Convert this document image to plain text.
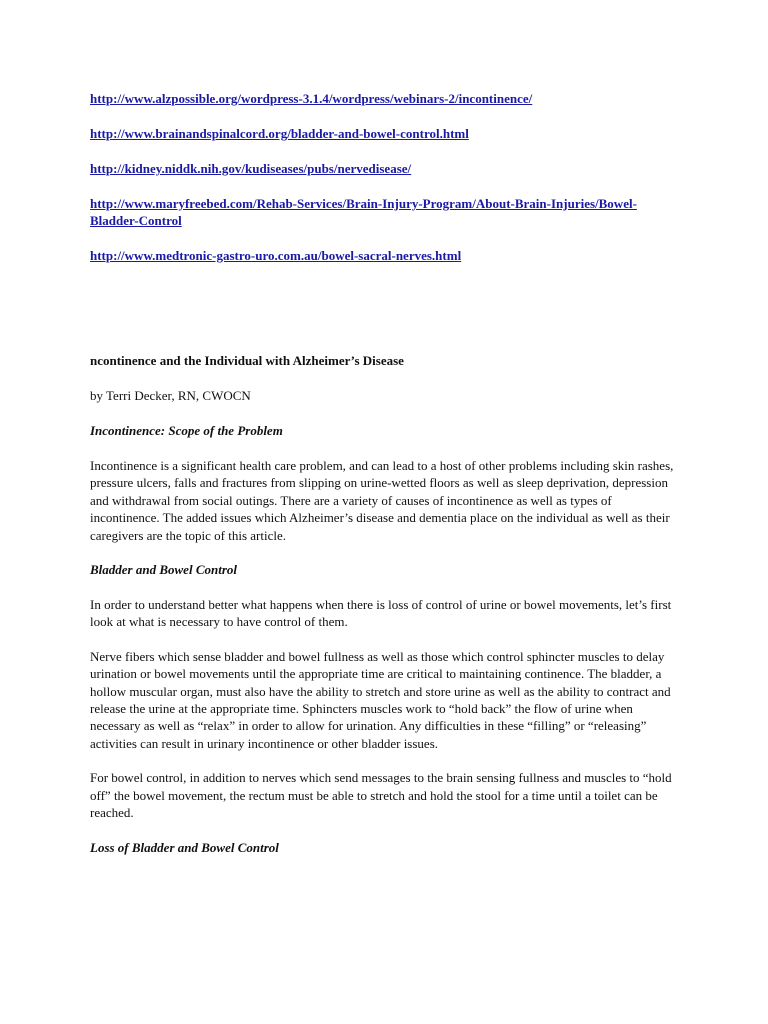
http://www.alzpossible.org/wordpress-3.1.4/wordpress/webinars-2/incontinence/
http://www.brainandspinalcord.org/bladder-and-bowel-control.html
http://kidney.niddk.nih.gov/kudiseases/pubs/nervedisease/
http://www.maryfreebed.com/Rehab-Services/Brain-Injury-Program/About-Brain-Injuries/Bowel-Bladder-Control
http://www.medtronic-gastro-uro.com.au/bowel-sacral-nerves.html
ncontinence and the Individual with Alzheimer’s Disease
by Terri Decker, RN, CWOCN
Incontinence: Scope of the Problem

Incontinence is a significant health care problem, and can lead to a host of other problems including skin rashes, pressure ulcers, falls and fractures from slipping on urine-wetted floors as well as sleep deprivation, depression and withdrawal from social outings. There are a variety of causes of incontinence as well as types of incontinence. The added issues which Alzheimer’s disease and dementia place on the individual as well as their caregivers are the topic of this article.

Bladder and Bowel Control

In order to understand better what happens when there is loss of control of urine or bowel movements, let’s first look at what is necessary to have control of them.

Nerve fibers which sense bladder and bowel fullness as well as those which control sphincter muscles to delay urination or bowel movements until the appropriate time are critical to maintaining continence. The bladder, a hollow muscular organ, must also have the ability to stretch and store urine as well as the ability to contract and release the urine at the appropriate time. Sphincters muscles work to “hold back” the flow of urine when necessary as well as “relax” in order to allow for urination. Any difficulties in these “filling” or “releasing” activities can result in urinary incontinence or other bladder issues.

For bowel control, in addition to nerves which send messages to the brain sensing fullness and muscles to “hold off” the bowel movement, the rectum must be able to stretch and hold the stool for a time until a toilet can be reached.

Loss of Bladder and Bowel Control
